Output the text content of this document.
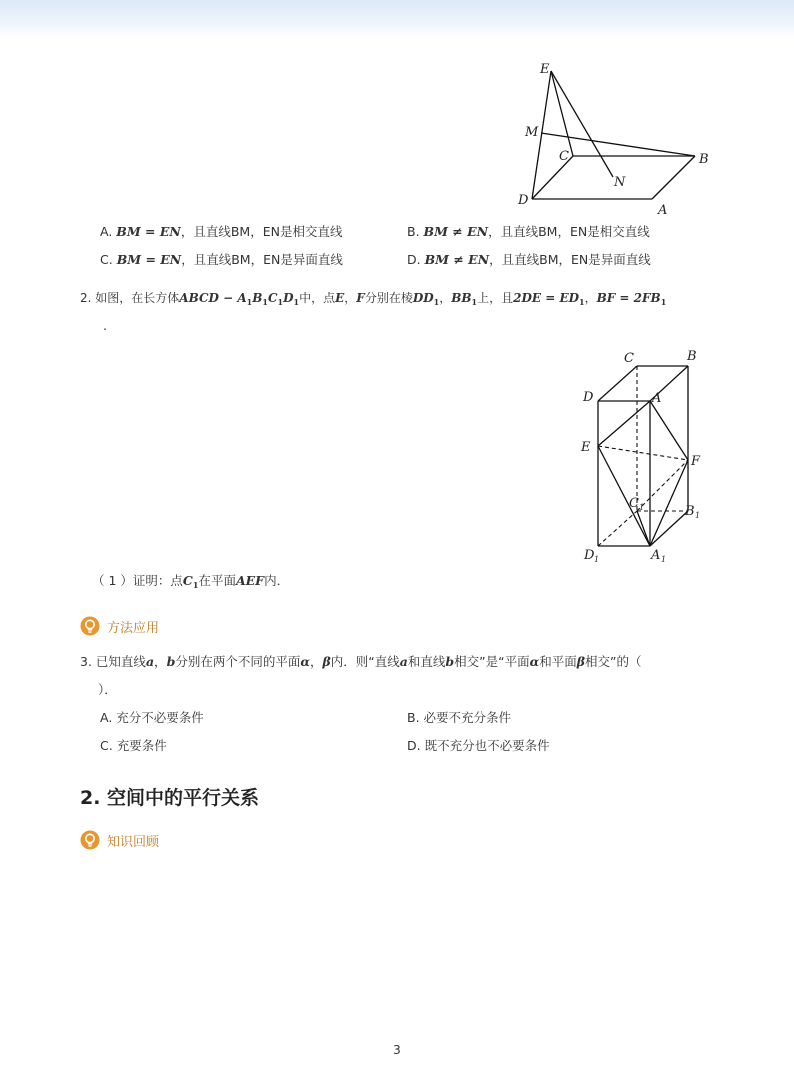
E
M
C	B
N
D
A
A. BM = EN，且直线BM，EN是相交直线	B. BM ≠ EN，且直线BM，EN是相交直线
C. BM = EN，且直线BM，EN是异面直线	D. BM ≠ EN，且直线BM，EN是异面直线
2. 如图，在长方体ABCD − $A_1B_1C_1D_1$中，点E，F分别在棱$DD_1$，$BB_1$上，且$2DE = ED_1$，BF = $2FB_1$
.
C	B
D	A
E
F
C 1	B 1
D 1	A 1
（ 1 ）证明：点$C_1$在平面AEF内．
方法应用
3. 已知直线a，b分别在两个不同的平面α，β内．则“直线a和直线b相交”是“平面α和平面β相交”的（
）．
A. 充分不必要条件	B. 必要不充分条件
C. 充要条件	D. 既不充分也不必要条件
2. 空间中的平行关系
知识回顾
3
